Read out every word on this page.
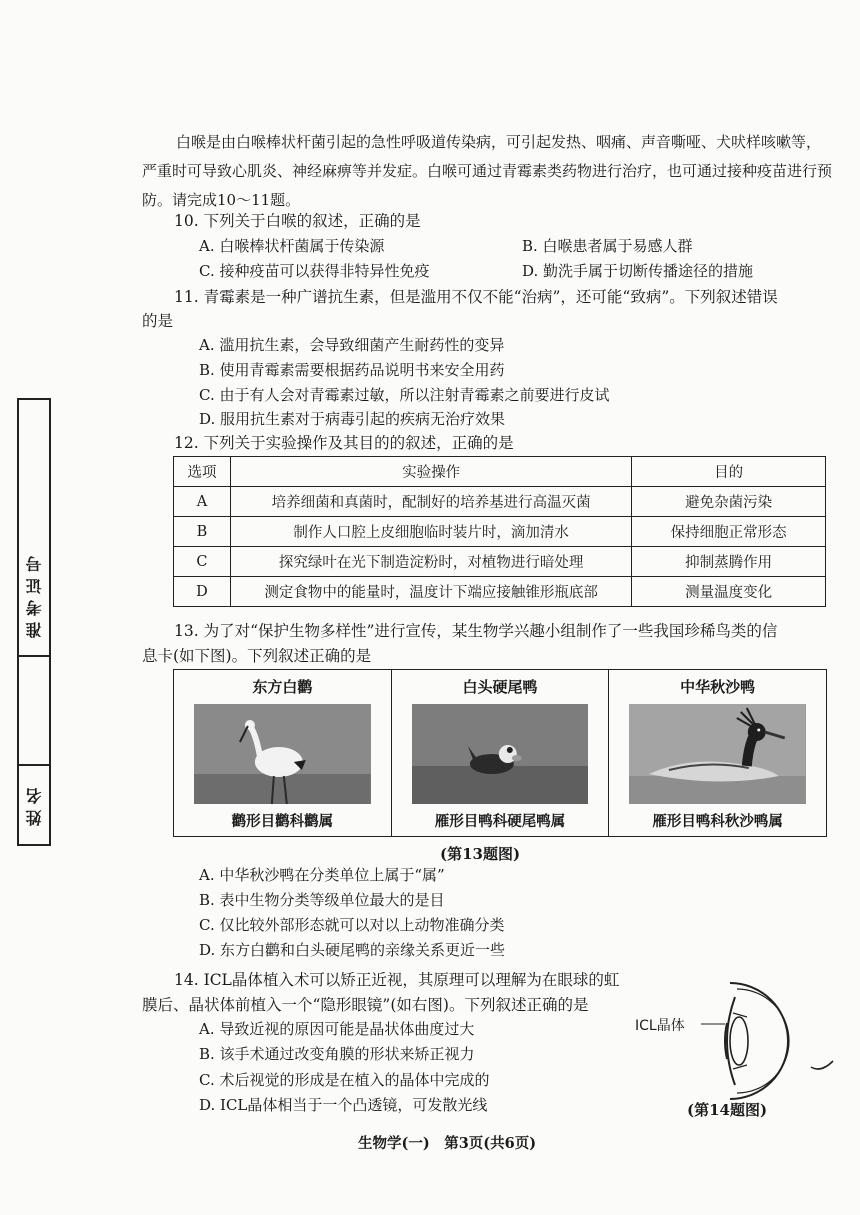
准考证号
姓名
白喉是由白喉棒状杆菌引起的急性呼吸道传染病，可引起发热、咽痛、声音嘶哑、犬吠样咳嗽等，严重时可导致心肌炎、神经麻痹等并发症。白喉可通过青霉素类药物进行治疗，也可通过接种疫苗进行预防。请完成10～11题。
10. 下列关于白喉的叙述，正确的是
A. 白喉棒状杆菌属于传染源	B. 白喉患者属于易感人群
C. 接种疫苗可以获得非特异性免疫	D. 勤洗手属于切断传播途径的措施
11. 青霉素是一种广谱抗生素，但是滥用不仅不能“治病”，还可能“致病”。下列叙述错误
的是
A. 滥用抗生素，会导致细菌产生耐药性的变异
B. 使用青霉素需要根据药品说明书来安全用药
C. 由于有人会对青霉素过敏，所以注射青霉素之前要进行皮试
D. 服用抗生素对于病毒引起的疾病无治疗效果
12. 下列关于实验操作及其目的的叙述，正确的是
选项	实验操作	目的
A	培养细菌和真菌时，配制好的培养基进行高温灭菌	避免杂菌污染
B	制作人口腔上皮细胞临时装片时，滴加清水	保持细胞正常形态
C	探究绿叶在光下制造淀粉时，对植物进行暗处理	抑制蒸腾作用
D	测定食物中的能量时，温度计下端应接触锥形瓶底部	测量温度变化
13. 为了对“保护生物多样性”进行宣传，某生物学兴趣小组制作了一些我国珍稀鸟类的信
息卡(如下图)。下列叙述正确的是
东方白鹳
鹳形目鹳科鹳属
白头硬尾鸭
雁形目鸭科硬尾鸭属
中华秋沙鸭
雁形目鸭科秋沙鸭属
(第13题图)
A. 中华秋沙鸭在分类单位上属于“属”
B. 表中生物分类等级单位最大的是目
C. 仅比较外部形态就可以对以上动物准确分类
D. 东方白鹳和白头硬尾鸭的亲缘关系更近一些
14. ICL晶体植入术可以矫正近视，其原理可以理解为在眼球的虹
膜后、晶状体前植入一个“隐形眼镜”(如右图)。下列叙述正确的是
A. 导致近视的原因可能是晶状体曲度过大
B. 该手术通过改变角膜的形状来矫正视力
C. 术后视觉的形成是在植入的晶体中完成的
D. ICL晶体相当于一个凸透镜，可发散光线
ICL晶体
(第14题图)
生物学(一)　第3页(共6页)
